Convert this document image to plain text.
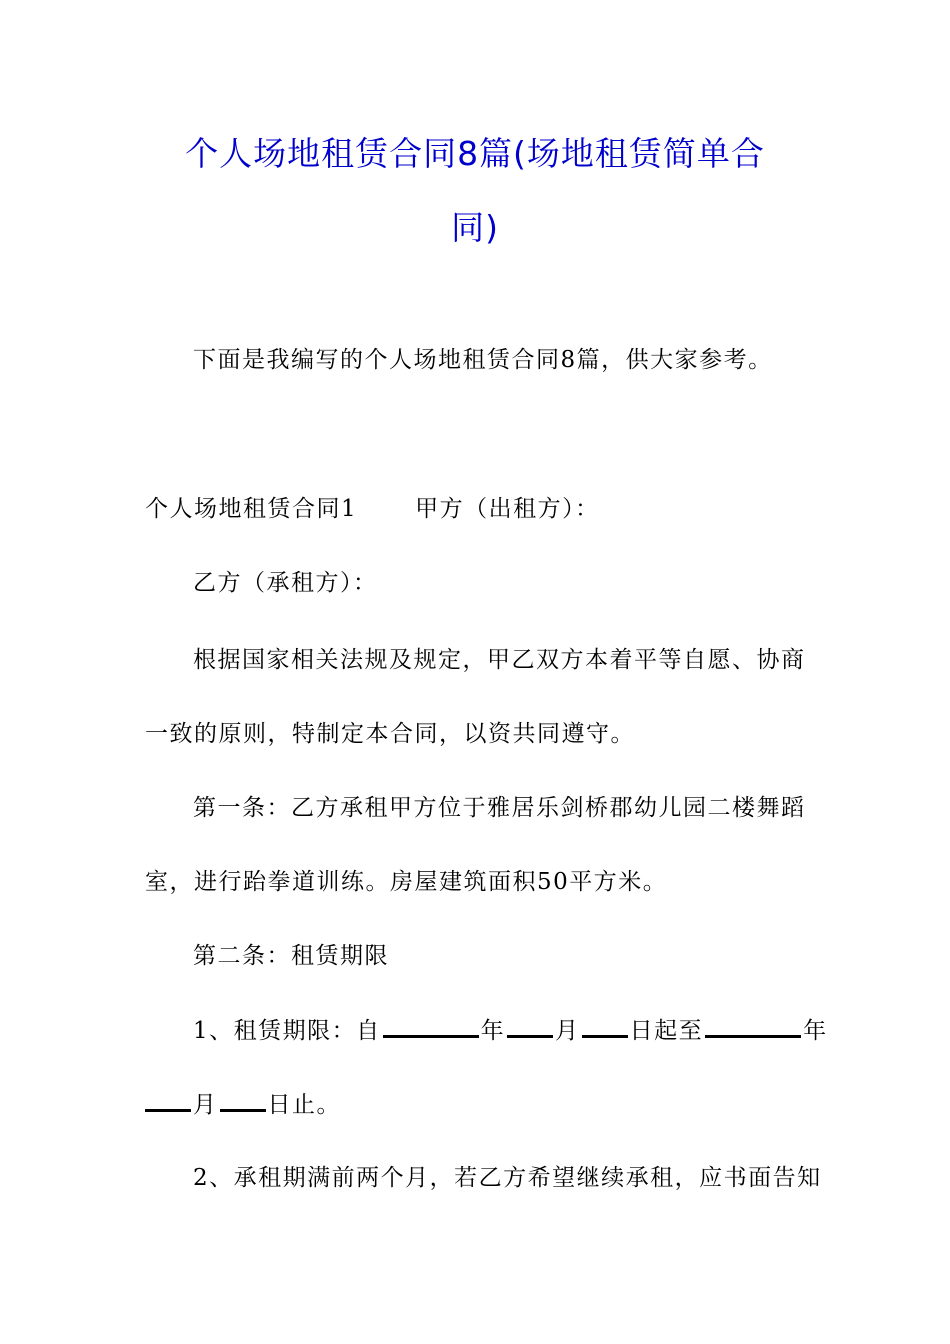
个人场地租赁合同8篇(场地租赁简单合
同)

下面是我编写的个人场地租赁合同8篇，供大家参考。

个人场地租赁合同1	甲方（出租方）：

乙方（承租方）：

根据国家相关法规及规定，甲乙双方本着平等自愿、协商

一致的原则，特制定本合同，以资共同遵守。

第一条：乙方承租甲方位于雅居乐剑桥郡幼儿园二楼舞蹈

室，进行跆拳道训练。房屋建筑面积50平方米。

第二条：租赁期限

1、租赁期限：自	年 月 日起至	年

月 日止。

2、承租期满前两个月，若乙方希望继续承租，应书面告知
